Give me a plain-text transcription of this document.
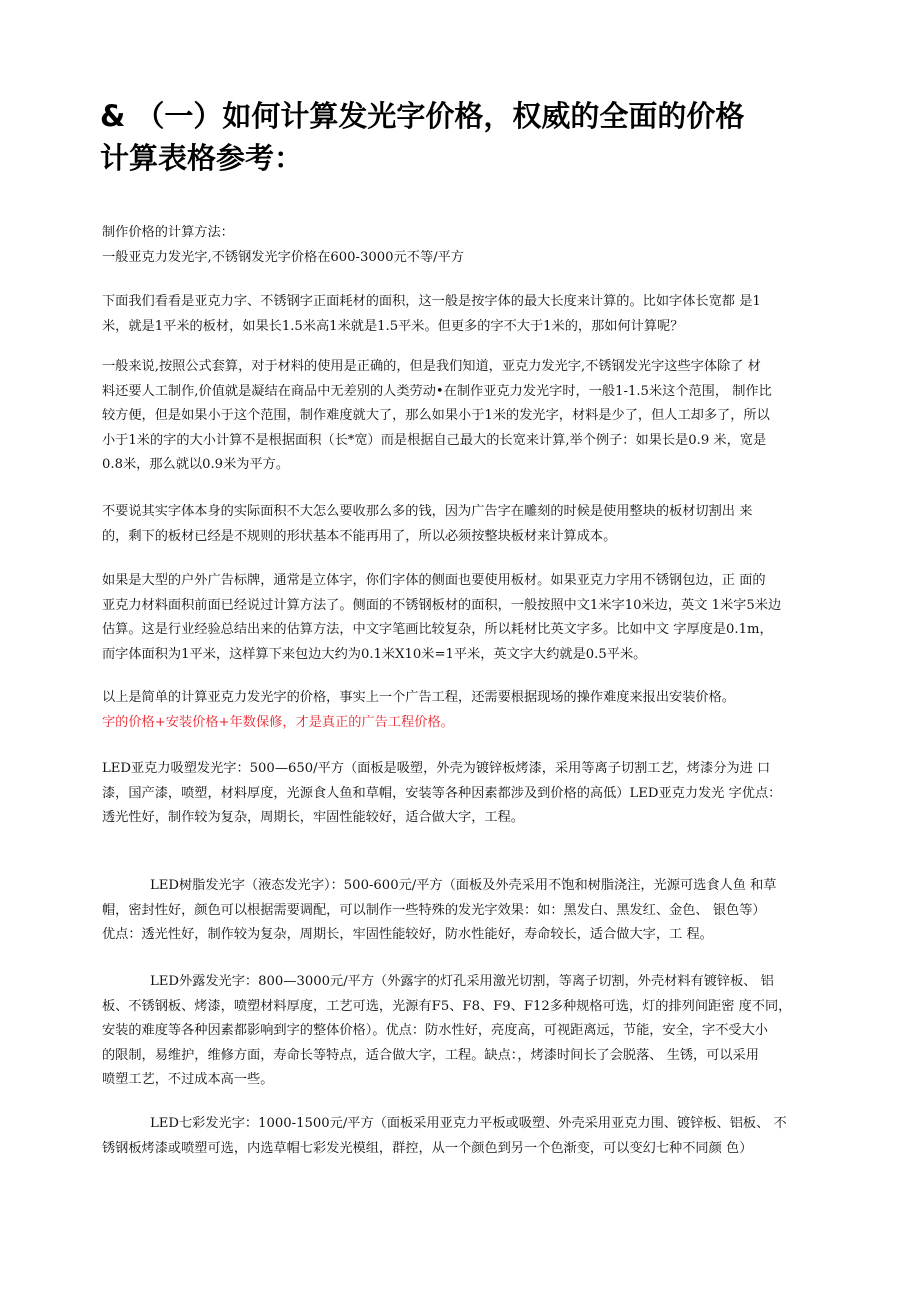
& （一）如何计算发光字价格，权威的全面的价格
计算表格参考：
制作价格的计算方法：
一般亚克力发光字,不锈钢发光字价格在600-3000元不等/平方
下面我们看看是亚克力字、不锈钢字正面耗材的面积，这一般是按字体的最大长度来计算的。比如字体长宽都 是1
米，就是1平米的板材，如果长1.5米高1米就是1.5平米。但更多的字不大于1米的，那如何计算呢？
一般来说,按照公式套算，对于材料的使用是正确的，但是我们知道，亚克力发光字,不锈钢发光字这些字体除了 材
料还要人工制作,价值就是凝结在商品中无差别的人类劳动•在制作亚克力发光字时，一般1-1.5米这个范围， 制作比
较方便，但是如果小于这个范围，制作难度就大了，那么如果小于1米的发光字，材料是少了，但人工却多了，所以
小于1米的字的大小计算不是根据面积（长*宽）而是根据自己最大的长宽来计算,举个例子：如果长是0.9 米，宽是
0.8米，那么就以0.9米为平方。
不要说其实字体本身的实际面积不大怎么要收那么多的钱，因为广告字在雕刻的时候是使用整块的板材切割出 来
的，剩下的板材已经是不规则的形状基本不能再用了，所以必须按整块板材来计算成本。
如果是大型的户外广告标牌，通常是立体字，你们字体的侧面也要使用板材。如果亚克力字用不锈钢包边，正 面的
亚克力材料面积前面已经说过计算方法了。侧面的不锈钢板材的面积，一般按照中文1米字10米边，英文 1米字5米边
估算。这是行业经验总结出来的估算方法，中文字笔画比较复杂，所以耗材比英文字多。比如中文 字厚度是0.1m，
而字体面积为1平米，这样算下来包边大约为0.1米X10米=1平米，英文字大约就是0.5平米。
以上是简单的计算亚克力发光字的价格，事实上一个广告工程，还需要根据现场的操作难度来报出安装价格。
字的价格+安装价格+年数保修，才是真正的广告工程价格。
LED亚克力吸塑发光字：500—650/平方（面板是吸塑，外壳为镀锌板烤漆，采用等离子切割工艺，烤漆分为进 口
漆，国产漆，喷塑，材料厚度，光源食人鱼和草帽，安装等各种因素都涉及到价格的高低）LED亚克力发光 字优点：
透光性好，制作较为复杂，周期长，牢固性能较好，适合做大字，工程。
LED树脂发光字（液态发光字）：500-600元/平方（面板及外壳采用不饱和树脂浇注，光源可选食人鱼 和草
帽，密封性好，颜色可以根据需要调配，可以制作一些特殊的发光字效果：如：黑发白、黑发红、金色、 银色等）
优点：透光性好，制作较为复杂，周期长，牢固性能较好，防水性能好，寿命较长，适合做大字，工 程。
LED外露发光字：800—3000元/平方（外露字的灯孔采用激光切割，等离子切割，外壳材料有镀锌板、 铝
板、不锈钢板、烤漆，喷塑材料厚度，工艺可选，光源有F5、F8、F9、F12多种规格可选，灯的排列间距密 度不同，
安装的难度等各种因素都影响到字的整体价格）。优点：防水性好，亮度高，可视距离远，节能，安全，字不受大小
的限制，易维护，维修方面，寿命长等特点，适合做大字，工程。缺点：，烤漆时间长了会脱落、 生锈，可以采用
喷塑工艺，不过成本高一些。
LED七彩发光字：1000-1500元/平方（面板采用亚克力平板或吸塑、外壳采用亚克力围、镀锌板、铝板、 不
锈钢板烤漆或喷塑可选，内选草帽七彩发光模组，群控，从一个颜色到另一个色渐变，可以变幻七种不同颜 色）
